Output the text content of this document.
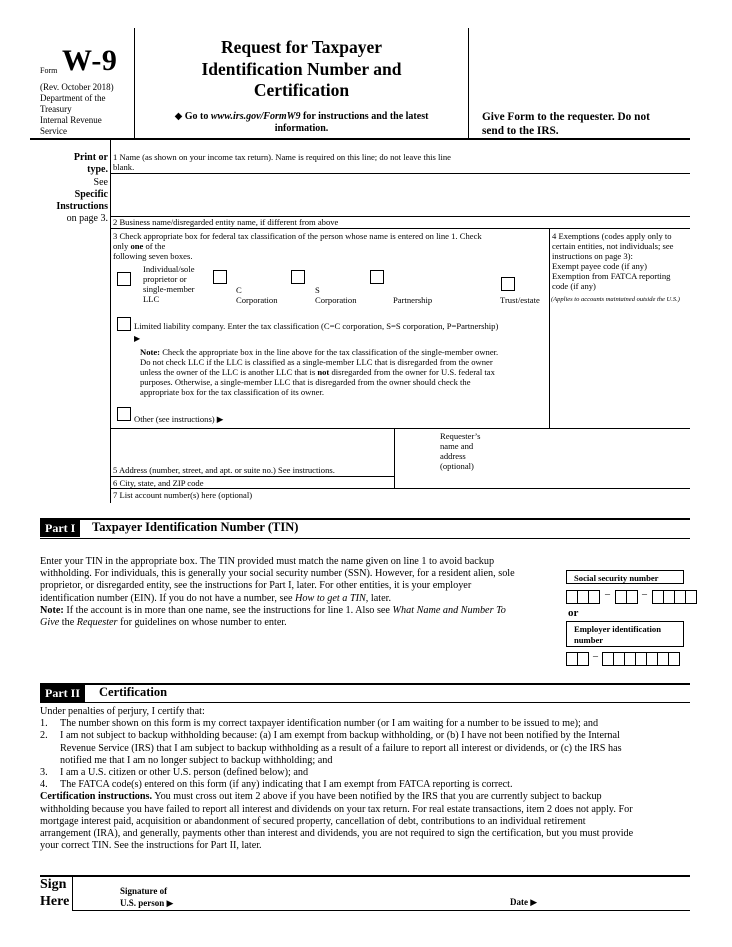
Form W-9
(Rev. October 2018)
Department of the
Treasury
Internal Revenue
Service
Request for Taxpayer
Identification Number and
Certification
◆ Go to www.irs.gov/FormW9 for instructions and the latest
information.
Give Form to the requester. Do not
send to the IRS.
Print or
type.
See
Specific
Instructions
on page 3.
1 Name (as shown on your income tax return). Name is required on this line; do not leave this line
blank.
2 Business name/disregarded entity name, if different from above
3 Check appropriate box for federal tax classification of the person whose name is entered on line 1. Check
only one of the
following seven boxes.
4 Exemptions (codes apply only to
certain entities, not individuals; see
instructions on page 3):
Exempt payee code (if any)
Exemption from FATCA reporting
code (if any)
(Applies to accounts maintained outside the U.S.)
Individual/sole
proprietor or
single-member
LLC
C
Corporation
S
Corporation	Partnership	Trust/estate
Limited liability company. Enter the tax classification (C=C corporation, S=S corporation, P=Partnership)
▶
Note: Check the appropriate box in the line above for the tax classification of the single-member owner.
Do not check LLC if the LLC is classified as a single-member LLC that is disregarded from the owner
unless the owner of the LLC is another LLC that is not disregarded from the owner for U.S. federal tax
purposes. Otherwise, a single-member LLC that is disregarded from the owner should check the
appropriate box for the tax classification of its owner.
Other (see instructions) ▶
Requester’s
name and
address
(optional)
5 Address (number, street, and apt. or suite no.) See instructions.
6 City, state, and ZIP code
7 List account number(s) here (optional)
Part I	Taxpayer Identification Number (TIN)
Enter your TIN in the appropriate box. The TIN provided must match the name given on line 1 to avoid backup
withholding. For individuals, this is generally your social security number (SSN). However, for a resident alien, sole
proprietor, or disregarded entity, see the instructions for Part I, later. For other entities, it is your employer
identification number (EIN). If you do not have a number, see How to get a TIN, later.
Note: If the account is in more than one name, see the instructions for line 1. Also see What Name and Number To
Give the Requester for guidelines on whose number to enter.
Social security number
–	–
or
Employer identification
number
–
Part II	Certification
Under penalties of perjury, I certify that:
1.	The number shown on this form is my correct taxpayer identification number (or I am waiting for a number to be issued to me); and
2.	I am not subject to backup withholding because: (a) I am exempt from backup withholding, or (b) I have not been notified by the Internal
Revenue Service (IRS) that I am subject to backup withholding as a result of a failure to report all interest or dividends, or (c) the IRS has
notified me that I am no longer subject to backup withholding; and
3.	I am a U.S. citizen or other U.S. person (defined below); and
4.	The FATCA code(s) entered on this form (if any) indicating that I am exempt from FATCA reporting is correct.
Certification instructions. You must cross out item 2 above if you have been notified by the IRS that you are currently subject to backup
withholding because you have failed to report all interest and dividends on your tax return. For real estate transactions, item 2 does not apply. For
mortgage interest paid, acquisition or abandonment of secured property, cancellation of debt, contributions to an individual retirement
arrangement (IRA), and generally, payments other than interest and dividends, you are not required to sign the certification, but you must provide
your correct TIN. See the instructions for Part II, later.
Sign
Here
Signature of
U.S. person ▶	Date ▶
